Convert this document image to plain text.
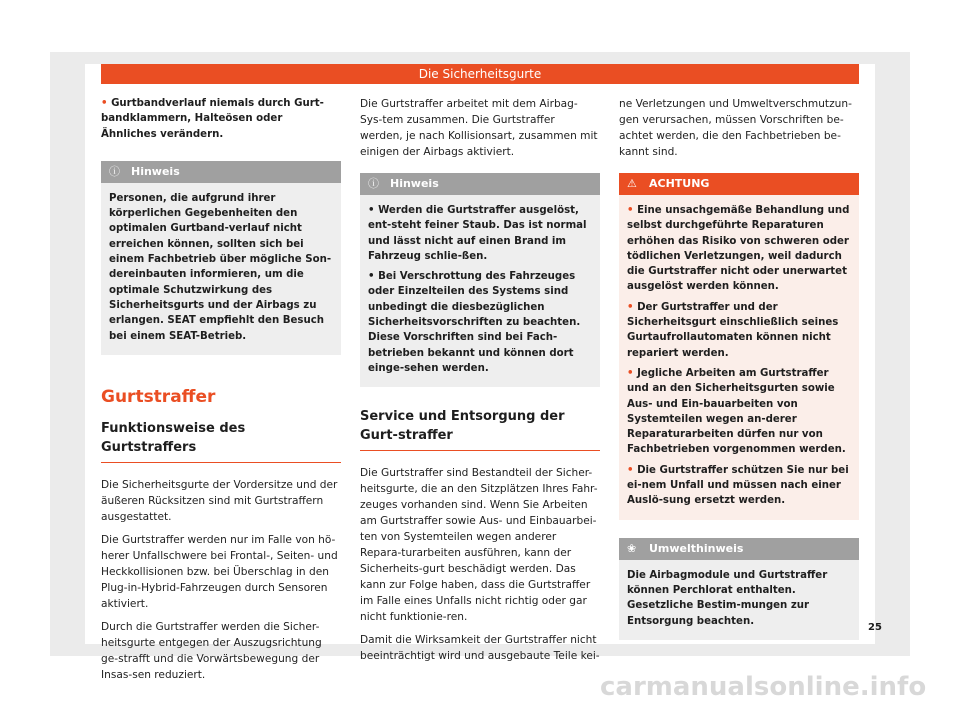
Die Sicherheitsgurte

• Gurtbandverlauf niemals durch Gurt-bandklammern, Halteösen oder Ähnliches verändern.

ⓘ Hinweis

Personen, die aufgrund ihrer körperlichen Gegebenheiten den optimalen Gurtband-verlauf nicht erreichen können, sollten sich bei einem Fachbetrieb über mögliche Son-dereinbauten informieren, um die optimale Schutzwirkung des Sicherheitsgurts und der Airbags zu erlangen. SEAT empfiehlt den Besuch bei einem SEAT-Betrieb.

Gurtstraffer
Funktionsweise des Gurtstraffers

Die Sicherheitsgurte der Vordersitze und der äußeren Rücksitzen sind mit Gurtstraffern ausgestattet.

Die Gurtstraffer werden nur im Falle von hö-herer Unfallschwere bei Frontal-, Seiten- und Heckkollisionen bzw. bei Überschlag in den Plug-in-Hybrid-Fahrzeugen durch Sensoren aktiviert.

Durch die Gurtstraffer werden die Sicher-heitsgurte entgegen der Auszugsrichtung ge-strafft und die Vorwärtsbewegung der Insas-sen reduziert.

Die Gurtstraffer arbeitet mit dem Airbag-Sys-tem zusammen. Die Gurtstraffer werden, je nach Kollisionsart, zusammen mit einigen der Airbags aktiviert.

ⓘ Hinweis

• Werden die Gurtstraffer ausgelöst, ent-steht feiner Staub. Das ist normal und lässt nicht auf einen Brand im Fahrzeug schlie-ßen.

• Bei Verschrottung des Fahrzeuges oder Einzelteilen des Systems sind unbedingt die diesbezüglichen Sicherheitsvorschriften zu beachten. Diese Vorschriften sind bei Fach-betrieben bekannt und können dort einge-sehen werden.

Service und Entsorgung der Gurt-straffer

Die Gurtstraffer sind Bestandteil der Sicher-heitsgurte, die an den Sitzplätzen Ihres Fahr-zeuges vorhanden sind. Wenn Sie Arbeiten am Gurtstraffer sowie Aus- und Einbauarbei-ten von Systemteilen wegen anderer Repara-turarbeiten ausführen, kann der Sicherheits-gurt beschädigt werden. Das kann zur Folge haben, dass die Gurtstraffer im Falle eines Unfalls nicht richtig oder gar nicht funktionie-ren.

Damit die Wirksamkeit der Gurtstraffer nicht beeinträchtigt wird und ausgebaute Teile kei-

ne Verletzungen und Umweltverschmutzun-gen verursachen, müssen Vorschriften be-achtet werden, die den Fachbetrieben be-kannt sind.

⚠ ACHTUNG

• Eine unsachgemäße Behandlung und selbst durchgeführte Reparaturen erhöhen das Risiko von schweren oder tödlichen Verletzungen, weil dadurch die Gurtstraffer nicht oder unerwartet ausgelöst werden können.

• Der Gurtstraffer und der Sicherheitsgurt einschließlich seines Gurtaufrollautomaten können nicht repariert werden.

• Jegliche Arbeiten am Gurtstraffer und an den Sicherheitsgurten sowie Aus- und Ein-bauarbeiten von Systemteilen wegen an-derer Reparaturarbeiten dürfen nur von Fachbetrieben vorgenommen werden.

• Die Gurtstraffer schützen Sie nur bei ei-nem Unfall und müssen nach einer Auslö-sung ersetzt werden.

❀ Umwelthinweis

Die Airbagmodule und Gurtstraffer können Perchlorat enthalten. Gesetzliche Bestim-mungen zur Entsorgung beachten.

25
carmanualsonline.info
